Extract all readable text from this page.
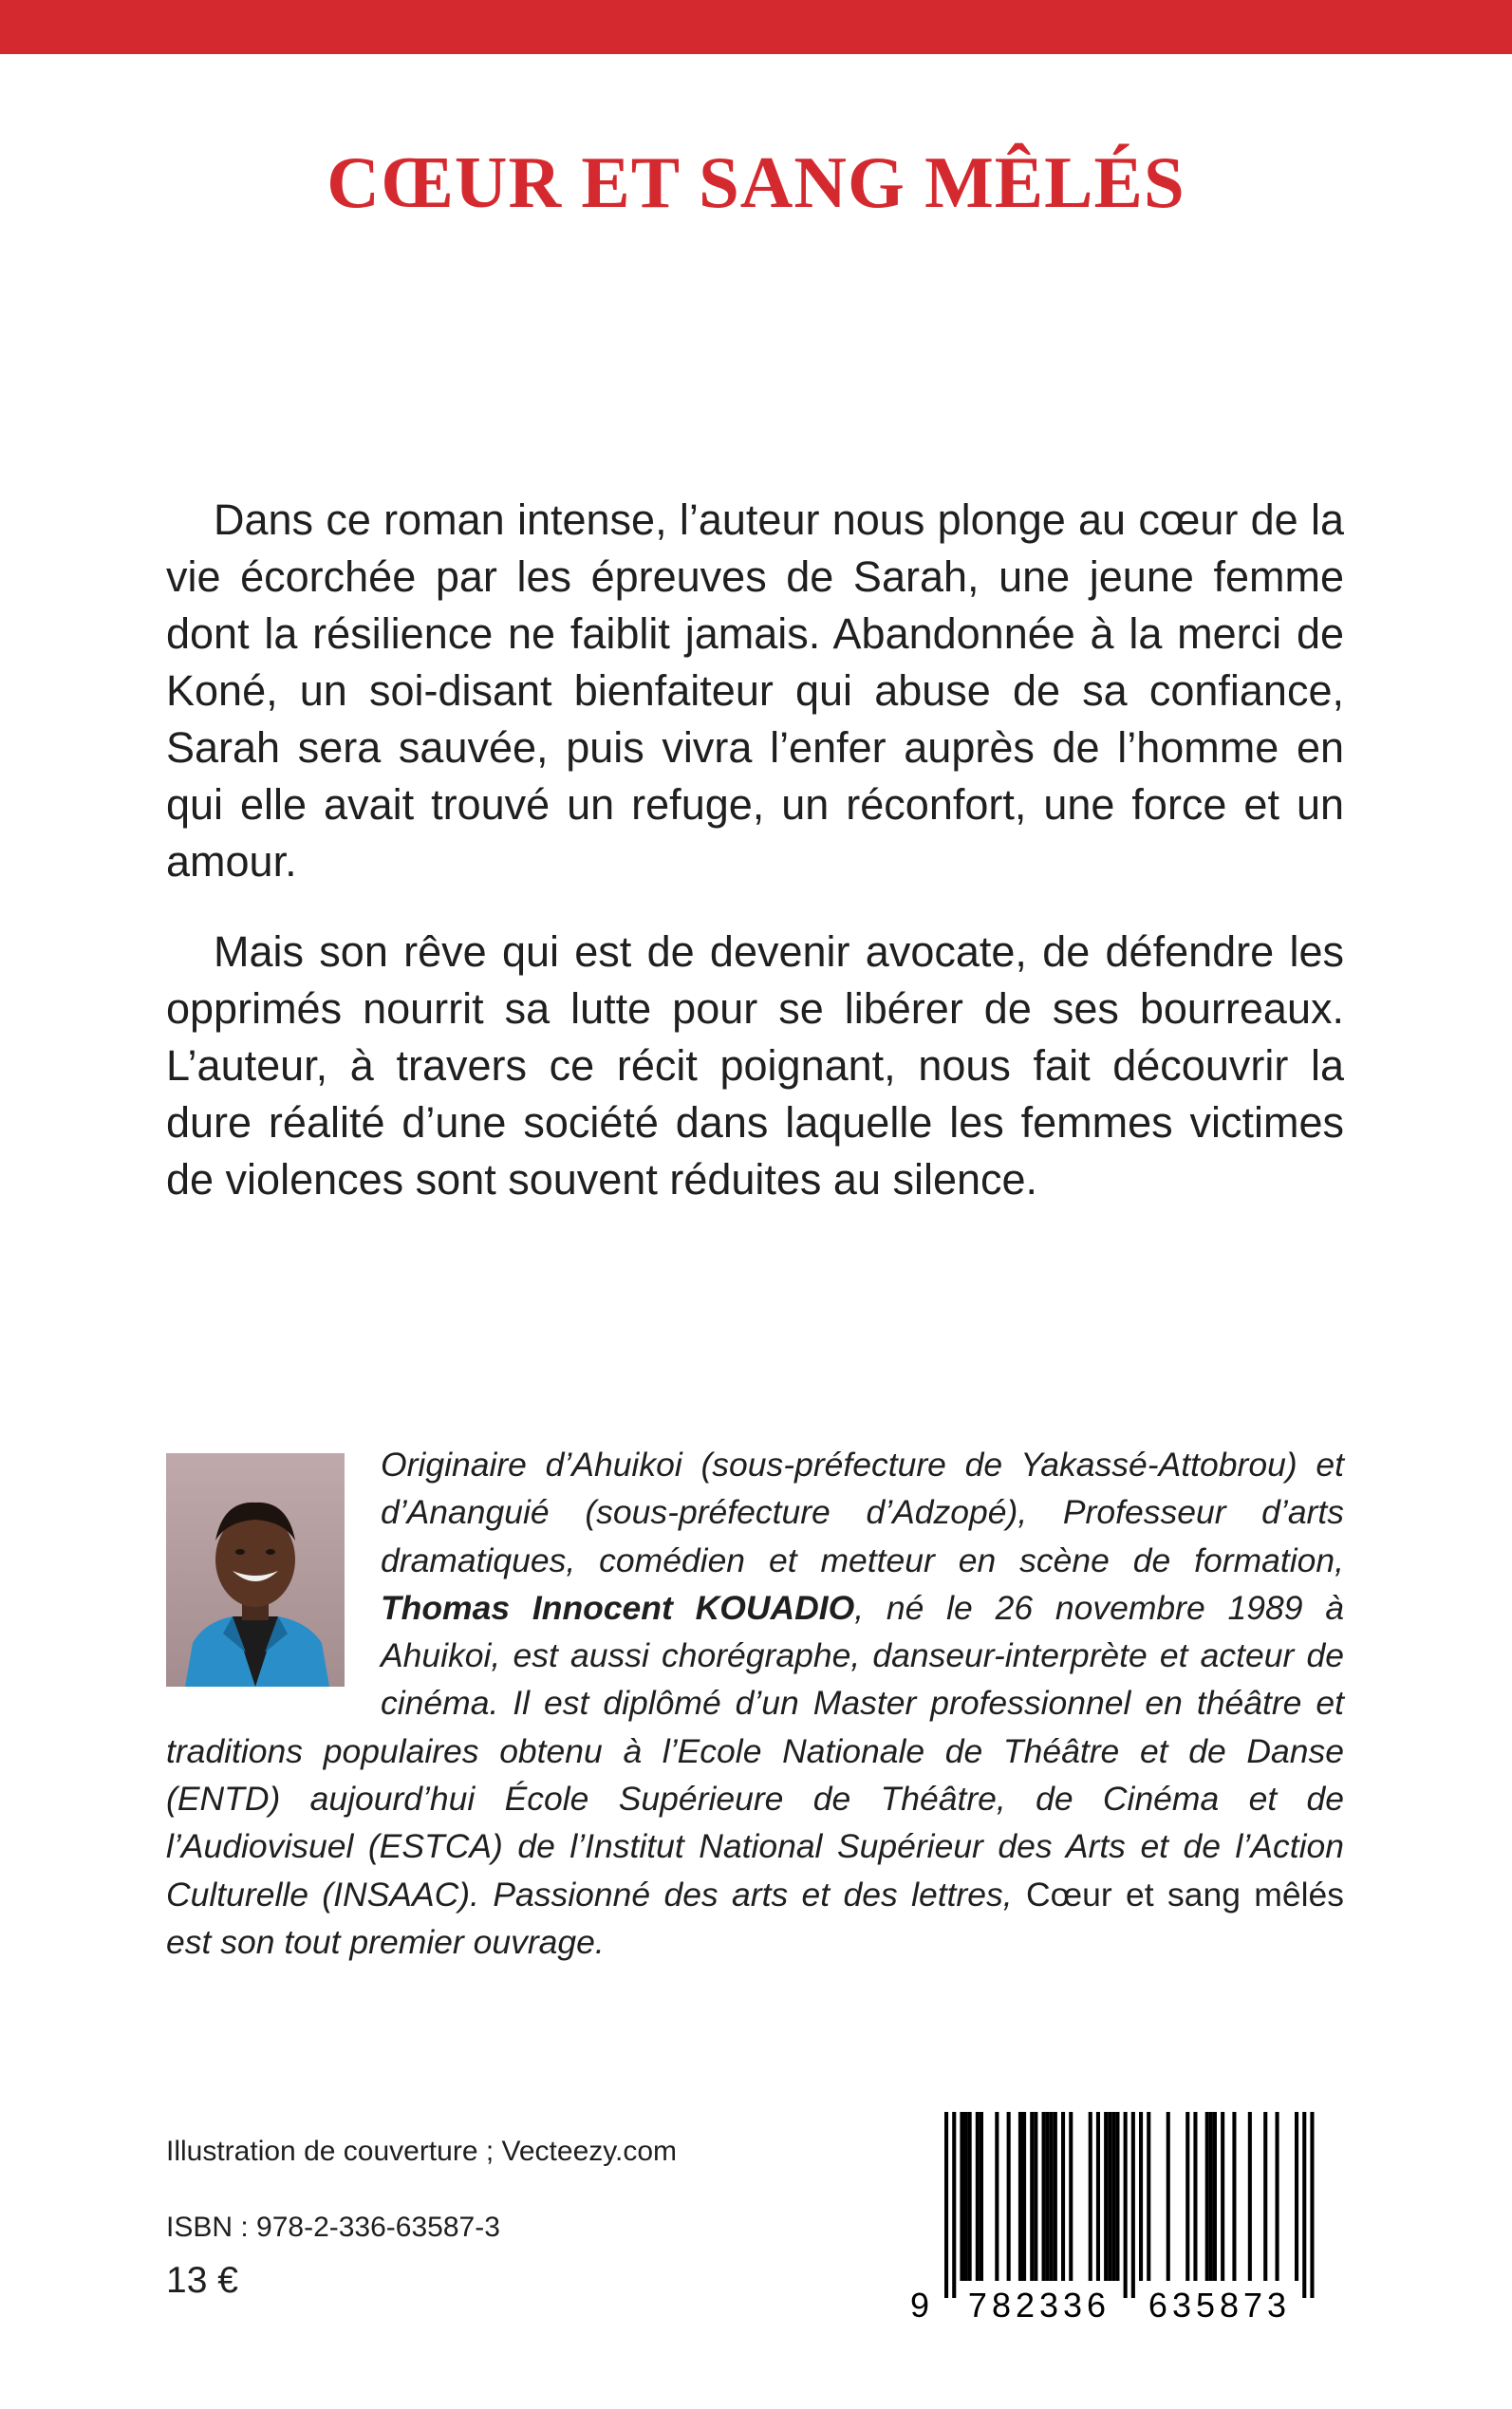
CŒUR ET SANG MÊLÉS

Dans ce roman intense, l’auteur nous plonge au cœur de la vie écorchée par les épreuves de Sarah, une jeune femme dont la résilience ne faiblit jamais. Abandonnée à la merci de Koné, un soi-disant bienfaiteur qui abuse de sa confiance, Sarah sera sauvée, puis vivra l’enfer auprès de l’homme en qui elle avait trouvé un refuge, un réconfort, une force et un amour.

Mais son rêve qui est de devenir avocate, de défendre les opprimés nourrit sa lutte pour se libérer de ses bourreaux. L’auteur, à travers ce récit poignant, nous fait découvrir la dure réalité d’une société dans laquelle les femmes victimes de violences sont souvent réduites au silence.

Originaire d’Ahuikoi (sous-préfecture de Yakassé-Attobrou) et d’Ananguié (sous-préfecture d’Adzopé), Professeur d’arts dramatiques, comédien et metteur en scène de formation, Thomas Innocent KOUADIO, né le 26 novembre 1989 à Ahuikoi, est aussi chorégraphe, danseur-interprète et acteur de cinéma. Il est diplômé d’un Master professionnel en théâtre et traditions populaires obtenu à l’Ecole Nationale de Théâtre et de Danse (ENTD) aujourd’hui École Supérieure de Théâtre, de Cinéma et de l’Audiovisuel (ESTCA) de l’Institut National Supérieur des Arts et de l’Action Culturelle (INSAAC). Passionné des arts et des lettres, Cœur et sang mêlés est son tout premier ouvrage.

Illustration de couverture ; Vecteezy.com

ISBN : 978-2-336-63587-3

13 €

9 782336 635873
